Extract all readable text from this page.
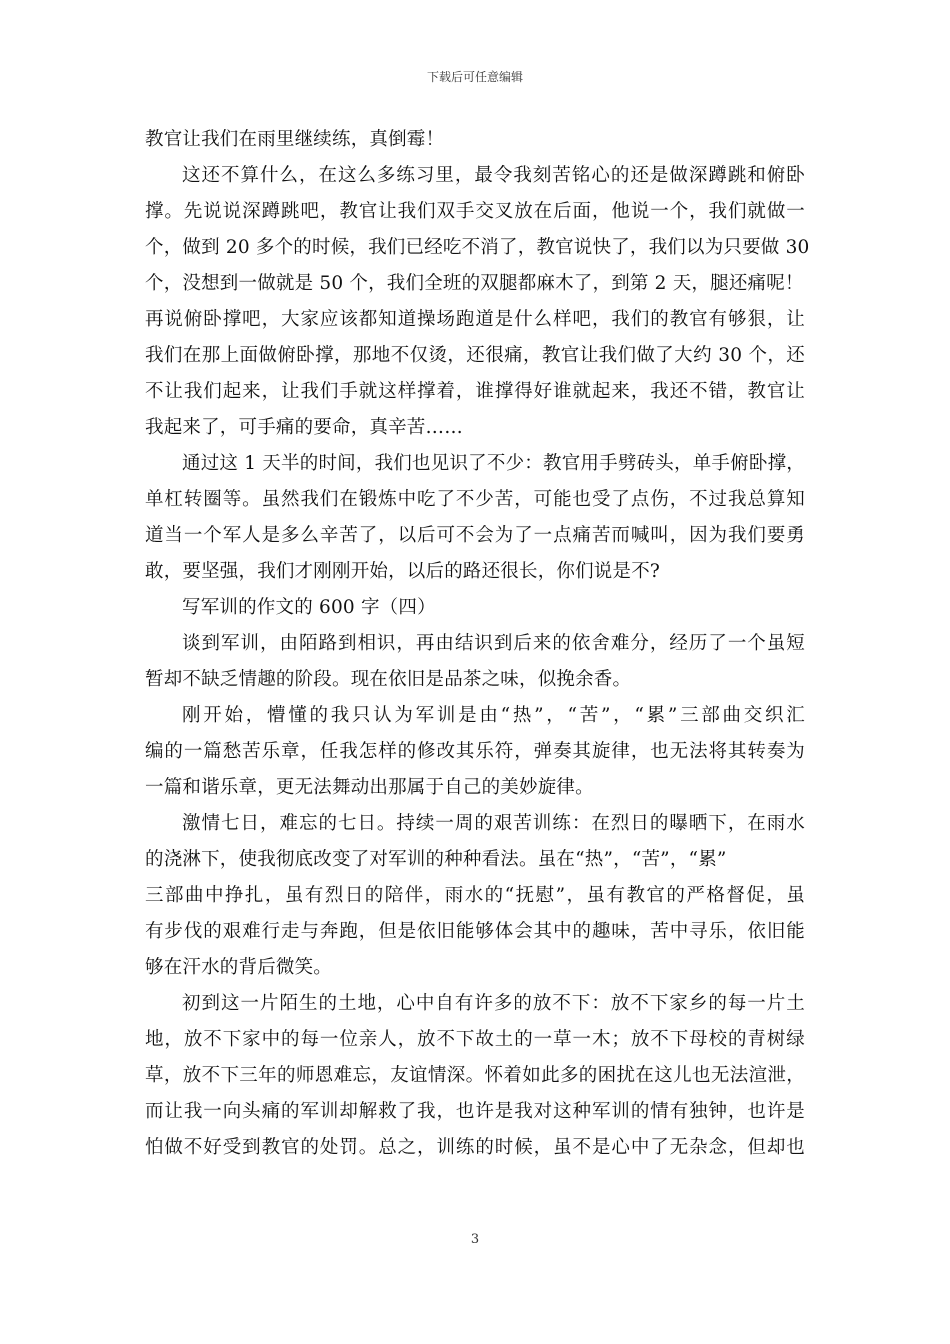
下载后可任意编辑
教官让我们在雨里继续练，真倒霉！
这还不算什么，在这么多练习里，最令我刻苦铭心的还是做深蹲跳和俯卧
撑。先说说深蹲跳吧，教官让我们双手交叉放在后面，他说一个，我们就做一
个，做到 20 多个的时候，我们已经吃不消了，教官说快了，我们以为只要做 30
个，没想到一做就是 50 个，我们全班的双腿都麻木了，到第 2 天，腿还痛呢！
再说俯卧撑吧，大家应该都知道操场跑道是什么样吧，我们的教官有够狠，让
我们在那上面做俯卧撑，那地不仅烫，还很痛，教官让我们做了大约 30 个，还
不让我们起来，让我们手就这样撑着，谁撑得好谁就起来，我还不错，教官让
我起来了，可手痛的要命，真辛苦……
通过这 1 天半的时间，我们也见识了不少：教官用手劈砖头，单手俯卧撑，
单杠转圈等。虽然我们在锻炼中吃了不少苦，可能也受了点伤，不过我总算知
道当一个军人是多么辛苦了，以后可不会为了一点痛苦而喊叫，因为我们要勇
敢，要坚强，我们才刚刚开始，以后的路还很长，你们说是不?
写军训的作文的 600 字（四）
谈到军训，由陌路到相识，再由结识到后来的依舍难分，经历了一个虽短
暂却不缺乏情趣的阶段。现在依旧是品茶之味，似挽余香。
刚开始，懵懂的我只认为军训是由“热”，“苦”，“累”三部曲交织汇
编的一篇愁苦乐章，任我怎样的修改其乐符，弹奏其旋律，也无法将其转奏为
一篇和谐乐章，更无法舞动出那属于自己的美妙旋律。
激情七日，难忘的七日。持续一周的艰苦训练：在烈日的曝晒下，在雨水
的浇淋下，使我彻底改变了对军训的种种看法。虽在“热”，“苦”，“累”
三部曲中挣扎，虽有烈日的陪伴，雨水的“抚慰”，虽有教官的严格督促，虽
有步伐的艰难行走与奔跑，但是依旧能够体会其中的趣味，苦中寻乐，依旧能
够在汗水的背后微笑。
初到这一片陌生的土地，心中自有许多的放不下：放不下家乡的每一片土
地，放不下家中的每一位亲人，放不下故土的一草一木；放不下母校的青树绿
草，放不下三年的师恩难忘，友谊情深。怀着如此多的困扰在这儿也无法渲泄，
而让我一向头痛的军训却解救了我，也许是我对这种军训的情有独钟，也许是
怕做不好受到教官的处罚。总之，训练的时候，虽不是心中了无杂念，但却也
3
